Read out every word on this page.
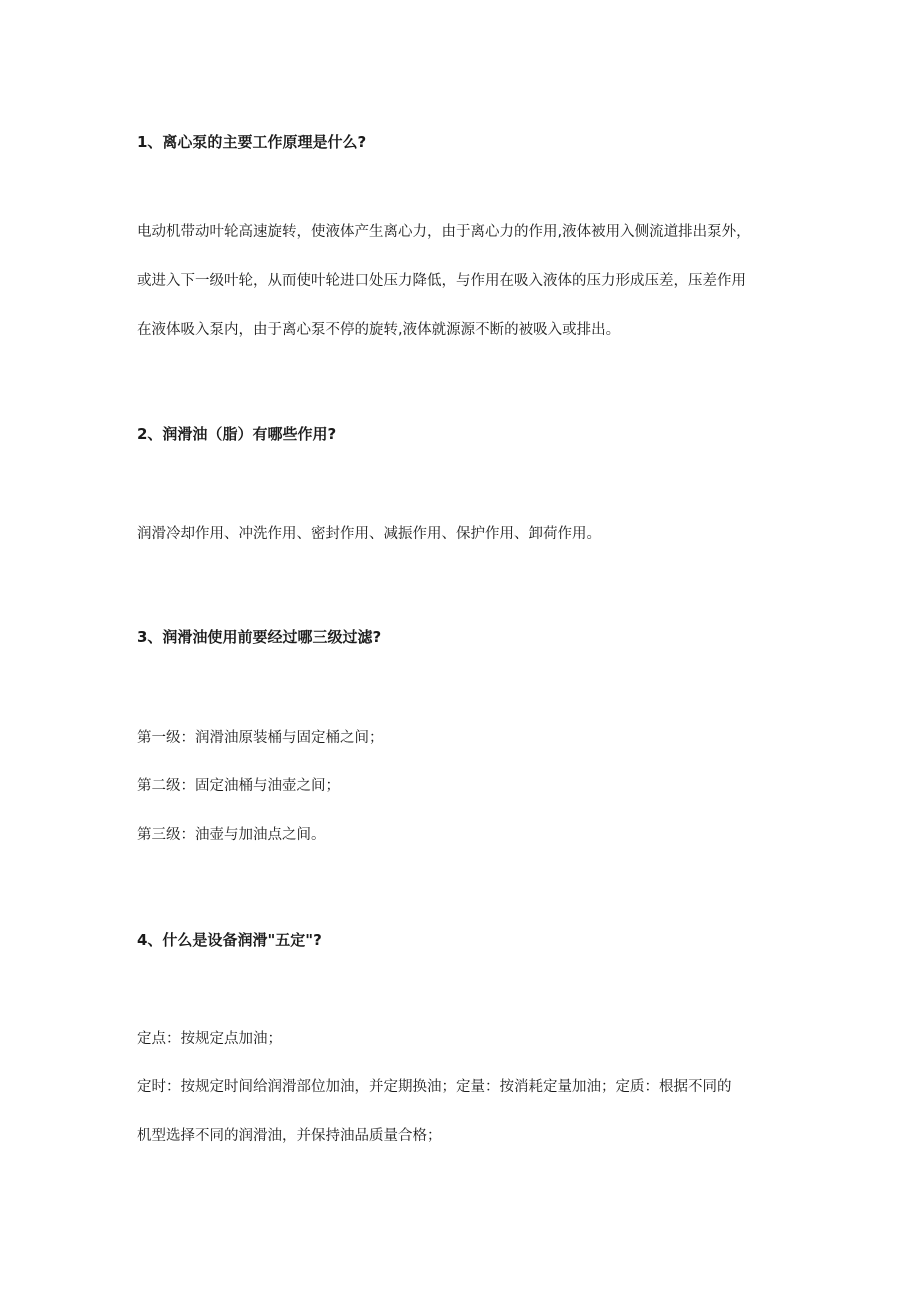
1、离心泵的主要工作原理是什么?
电动机带动叶轮高速旋转，使液体产生离心力，由于离心力的作用,液体被用入侧流道排出泵外，
或进入下一级叶轮，从而使叶轮进口处压力降低，与作用在吸入液体的压力形成压差，压差作用
在液体吸入泵内，由于离心泵不停的旋转,液体就源源不断的被吸入或排出。
2、润滑油（脂）有哪些作用?
润滑冷却作用、冲洗作用、密封作用、减振作用、保护作用、卸荷作用。
3、润滑油使用前要经过哪三级过滤?
第一级：润滑油原装桶与固定桶之间；
第二级：固定油桶与油壶之间；
第三级：油壶与加油点之间。
4、什么是设备润滑"五定"?
定点：按规定点加油；
定时：按规定时间给润滑部位加油，并定期换油；定量：按消耗定量加油；定质：根据不同的
机型选择不同的润滑油，并保持油品质量合格；
